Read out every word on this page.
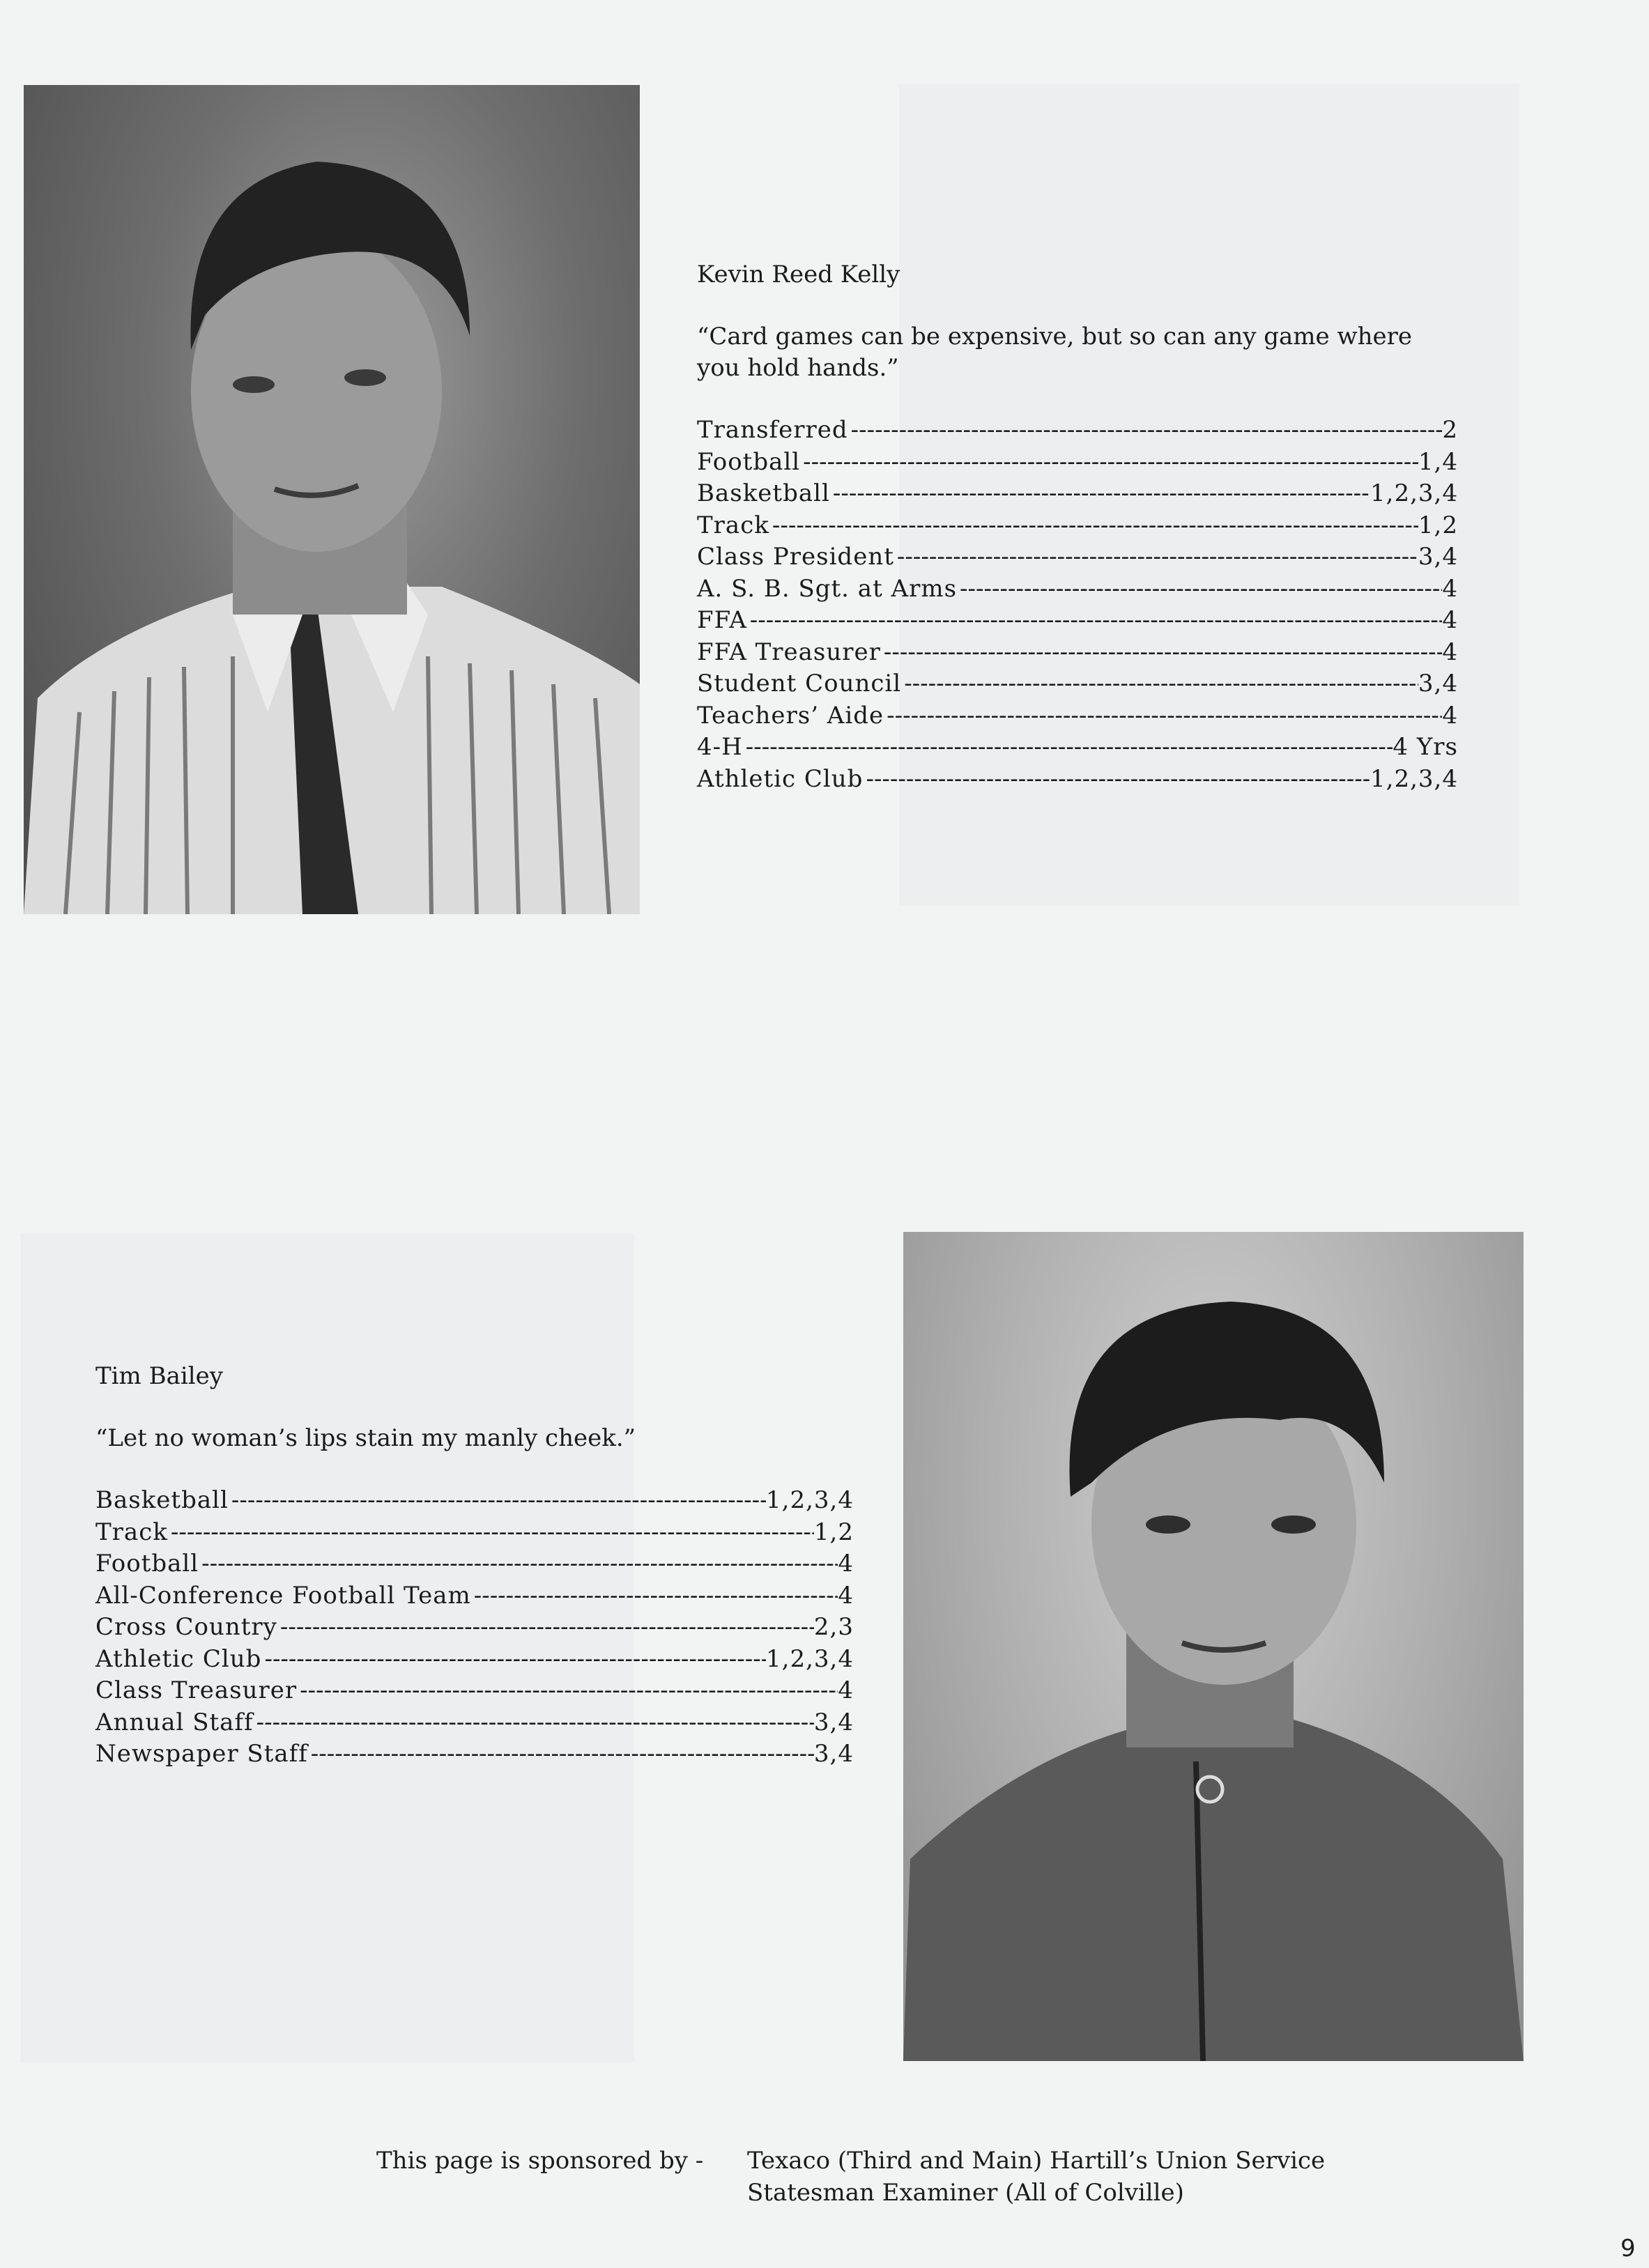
Kevin Reed Kelly

“Card games can be expensive, but so can any game where you hold hands.”

Transferred -----	2
Football -----	1,4
Basketball -----	1,2,3,4
Track -----	1,2
Class President -----	3,4
A. S. B. Sgt. at Arms -----	4
FFA -----	4
FFA Treasurer -----	4
Student Council -----	3,4
Teachers’ Aide -----	4
4-H -----	4 Yrs
Athletic Club -----	1,2,3,4

Tim Bailey

“Let no woman’s lips stain my manly cheek.”

Basketball -----	1,2,3,4
Track -----	1,2
Football -----	4
All-Conference Football Team -----	4
Cross Country -----	2,3
Athletic Club -----	1,2,3,4
Class Treasurer -----	4
Annual Staff -----	3,4
Newspaper Staff -----	3,4
This page is sponsored by - Texaco (Third and Main) Hartill’s Union Service
Statesman Examiner (All of Colville)
9
